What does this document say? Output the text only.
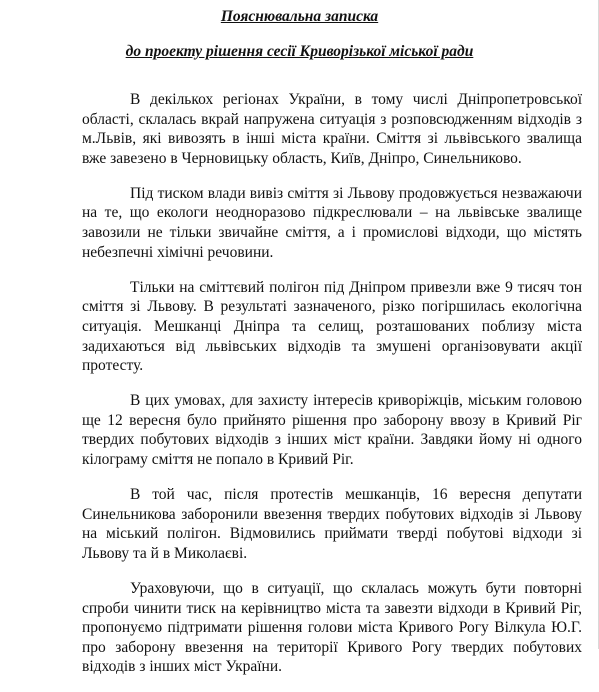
Пояснювальна записка

до проекту рішення сесії Криворізької міської ради

В декількох регіонах України, в тому числі Дніпропетровської області, склалась вкрай напружена ситуація з розповсюдженням відходів з м.Львів, які вивозять в інші міста країни. Сміття зі львівського звалища вже завезено в Черновицьку область, Київ, Дніпро, Синельниково.

Під тиском влади вивіз сміття зі Львову продовжується незважаючи на те, що екологи неодноразово підкреслювали – на львівське звалище завозили не тільки звичайне сміття, а і промислові відходи, що містять небезпечні хімічні речовини.

Тільки на сміттєвий полігон під Дніпром привезли вже 9 тисяч тон сміття зі Львову. В результаті зазначеного, різко погіршилась екологічна ситуація. Мешканці Дніпра та селищ, розташованих поблизу міста задихаються від львівських відходів та змушені організовувати акції протесту.

В цих умовах, для захисту інтересів криворіжців, міським головою ще 12 вересня було прийнято рішення про заборону ввозу в Кривий Ріг твердих побутових відходів з інших міст країни. Завдяки йому ні одного кілограму сміття не попало в Кривий Ріг.

В той час, після протестів мешканців, 16 вересня депутати Синельникова заборонили ввезення твердих побутових відходів зі Львову на міський полігон. Відмовились приймати тверді побутові відходи зі Львову та й в Миколаєві.

Ураховуючи, що в ситуації, що склалась можуть бути повторні спроби чинити тиск на керівництво міста та завезти відходи в Кривий Ріг, пропонуємо підтримати рішення голови міста Кривого Рогу Вілкула Ю.Г. про заборону ввезення на території Кривого Рогу твердих побутових відходів з інших міст України.
